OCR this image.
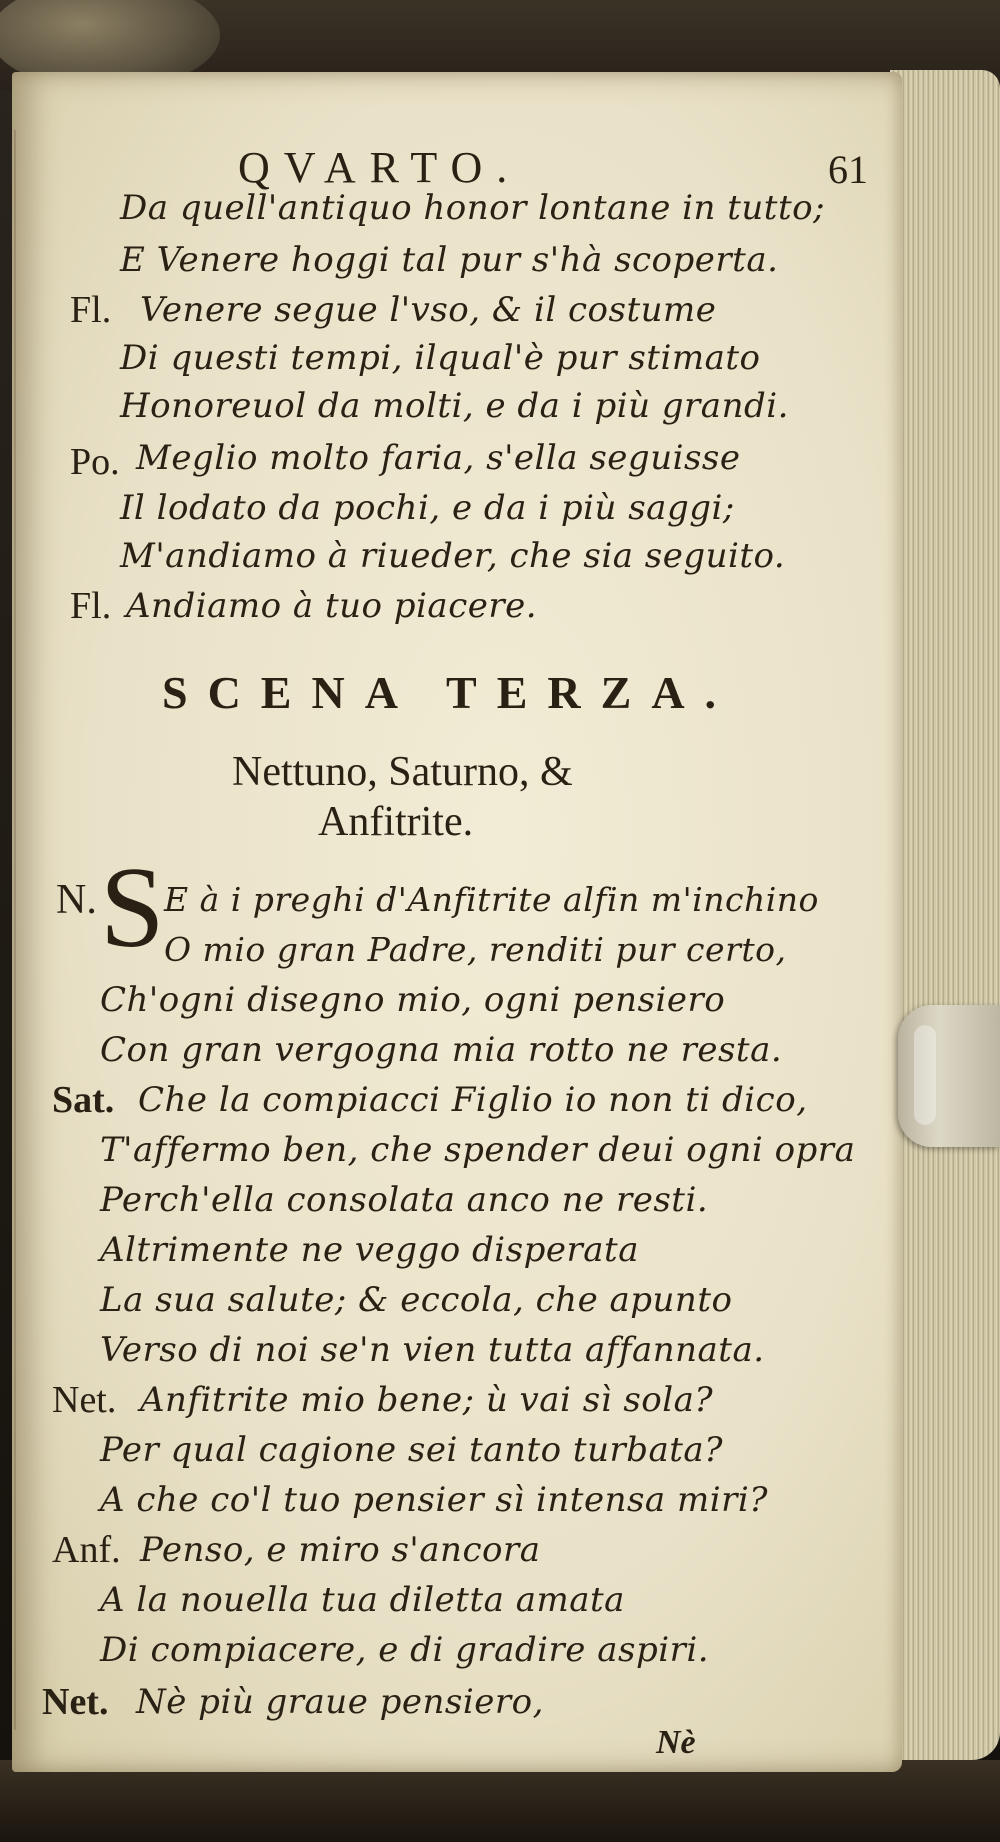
QVARTO.	61
Da quell'antiquo honor lontane in tutto;
E Venere hoggi tal pur s'hà scoperta.
Fl. Venere segue l'vso, & il costume
Di questi tempi, ilqual'è pur stimato
Honoreuol da molti, e da i più grandi.
Po. Meglio molto faria, s'ella seguisse
Il lodato da pochi, e da i più saggi;
M'andiamo à riueder, che sia seguito.
Fl. Andiamo à tuo piacere.
SCENA TERZA.
Nettuno, Saturno, &
Anfitrite.
N. S E à i preghi d'Anfitrite alfin m'inchino
O mio gran Padre, renditi pur certo,
Ch'ogni disegno mio, ogni pensiero
Con gran vergogna mia rotto ne resta.
Sat. Che la compiacci Figlio io non ti dico,
T'affermo ben, che spender deui ogni opra
Perch'ella consolata anco ne resti.
Altrimente ne veggo disperata
La sua salute; & eccola, che apunto
Verso di noi se'n vien tutta affannata.
Net. Anfitrite mio bene; ù vai sì sola?
Per qual cagione sei tanto turbata?
A che co'l tuo pensier sì intensa miri?
Anf. Penso, e miro s'ancora
A la nouella tua diletta amata
Di compiacere, e di gradire aspiri.
Net. Nè più graue pensiero,
Nè
